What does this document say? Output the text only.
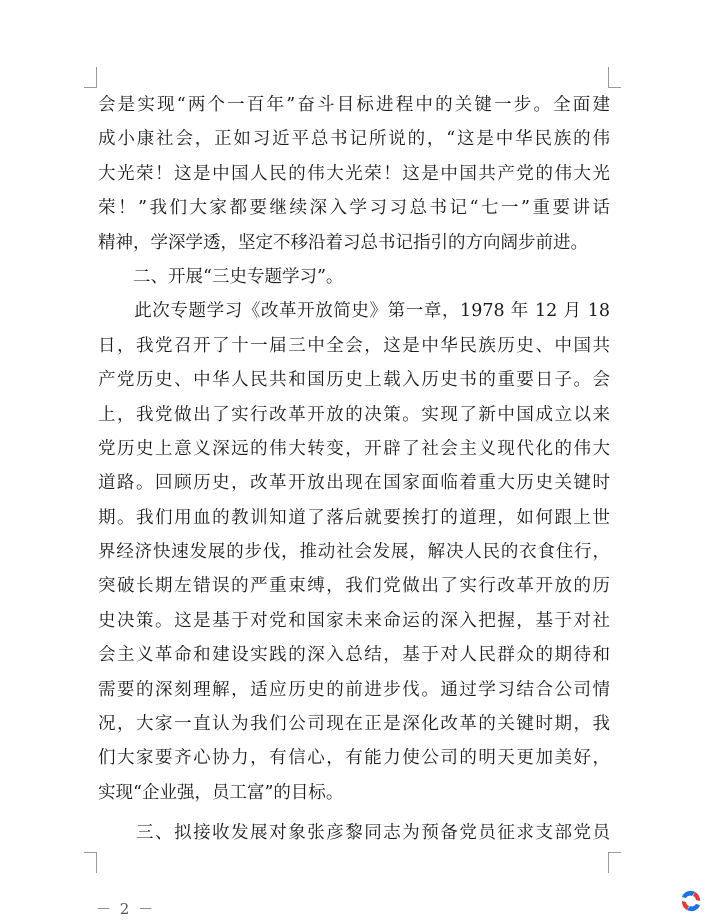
会是实现“两个一百年”奋斗目标进程中的关键一步。全面建
成小康社会，正如习近平总书记所说的，“这是中华民族的伟
大光荣！这是中国人民的伟大光荣！这是中国共产党的伟大光
荣！”我们大家都要继续深入学习习总书记“七一”重要讲话
精神，学深学透，坚定不移沿着习总书记指引的方向阔步前进。
　　二、开展“三史专题学习”。
　　此次专题学习《改革开放简史》第一章，1978 年 12 月 18
日，我党召开了十一届三中全会，这是中华民族历史、中国共
产党历史、中华人民共和国历史上载入历史书的重要日子。会
上，我党做出了实行改革开放的决策。实现了新中国成立以来
党历史上意义深远的伟大转变，开辟了社会主义现代化的伟大
道路。回顾历史，改革开放出现在国家面临着重大历史关键时
期。我们用血的教训知道了落后就要挨打的道理，如何跟上世
界经济快速发展的步伐，推动社会发展，解决人民的衣食住行，
突破长期左错误的严重束缚，我们党做出了实行改革开放的历
史决策。这是基于对党和国家未来命运的深入把握，基于对社
会主义革命和建设实践的深入总结，基于对人民群众的期待和
需要的深刻理解，适应历史的前进步伐。通过学习结合公司情
况，大家一直认为我们公司现在正是深化改革的关键时期，我
们大家要齐心协力，有信心，有能力使公司的明天更加美好，
实现“企业强，员工富”的目标。
　　三、拟接收发展对象张彦黎同志为预备党员征求支部党员
－ 2 －
